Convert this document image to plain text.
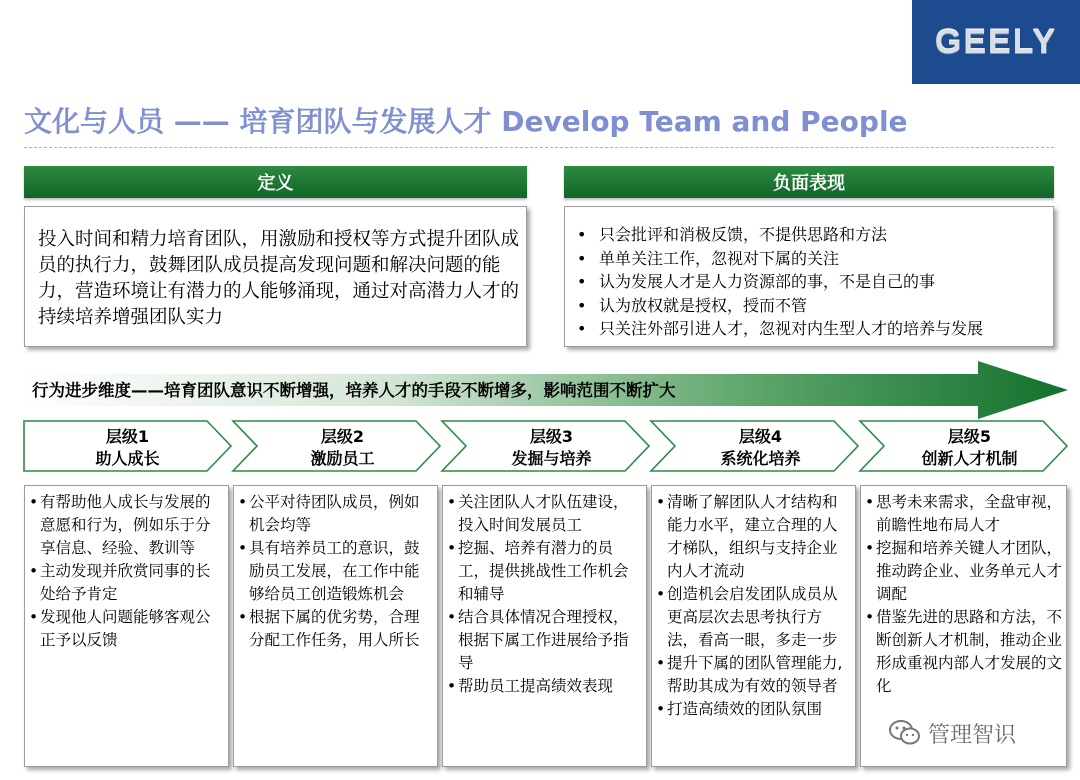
GEELY
文化与人员 —— 培育团队与发展人才 Develop Team and People
定义
投入时间和精力培育团队，用激励和授权等方式提升团队成员的执行力，鼓舞团队成员提高发现问题和解决问题的能力，营造环境让有潜力的人能够涌现，通过对高潜力人才的持续培养增强团队实力
负面表现
• 只会批评和消极反馈，不提供思路和方法
• 单单关注工作，忽视对下属的关注
• 认为发展人才是人力资源部的事，不是自己的事
• 认为放权就是授权，授而不管
• 只关注外部引进人才，忽视对内生型人才的培养与发展
行为进步维度——培育团队意识不断增强，培养人才的手段不断增多，影响范围不断扩大
层级1
助人成长
层级2
激励员工
层级3
发掘与培养
层级4
系统化培养
层级5
创新人才机制
• 有帮助他人成长与发展的意愿和行为，例如乐于分享信息、经验、教训等
• 主动发现并欣赏同事的长处给予肯定
• 发现他人问题能够客观公正予以反馈
• 公平对待团队成员，例如机会均等
• 具有培养员工的意识，鼓励员工发展，在工作中能够给员工创造锻炼机会
• 根据下属的优劣势，合理分配工作任务，用人所长
• 关注团队人才队伍建设，投入时间发展员工
• 挖掘、培养有潜力的员工，提供挑战性工作机会和辅导
• 结合具体情况合理授权，根据下属工作进展给予指导
• 帮助员工提高绩效表现
• 清晰了解团队人才结构和能力水平，建立合理的人才梯队，组织与支持企业内人才流动
• 创造机会启发团队成员从更高层次去思考执行方法，看高一眼，多走一步
• 提升下属的团队管理能力, 帮助其成为有效的领导者
• 打造高绩效的团队氛围
• 思考未来需求，全盘审视，前瞻性地布局人才
• 挖掘和培养关键人才团队，推动跨企业、业务单元人才调配
• 借鉴先进的思路和方法，不断创新人才机制，推动企业形成重视内部人才发展的文化
管理智识
